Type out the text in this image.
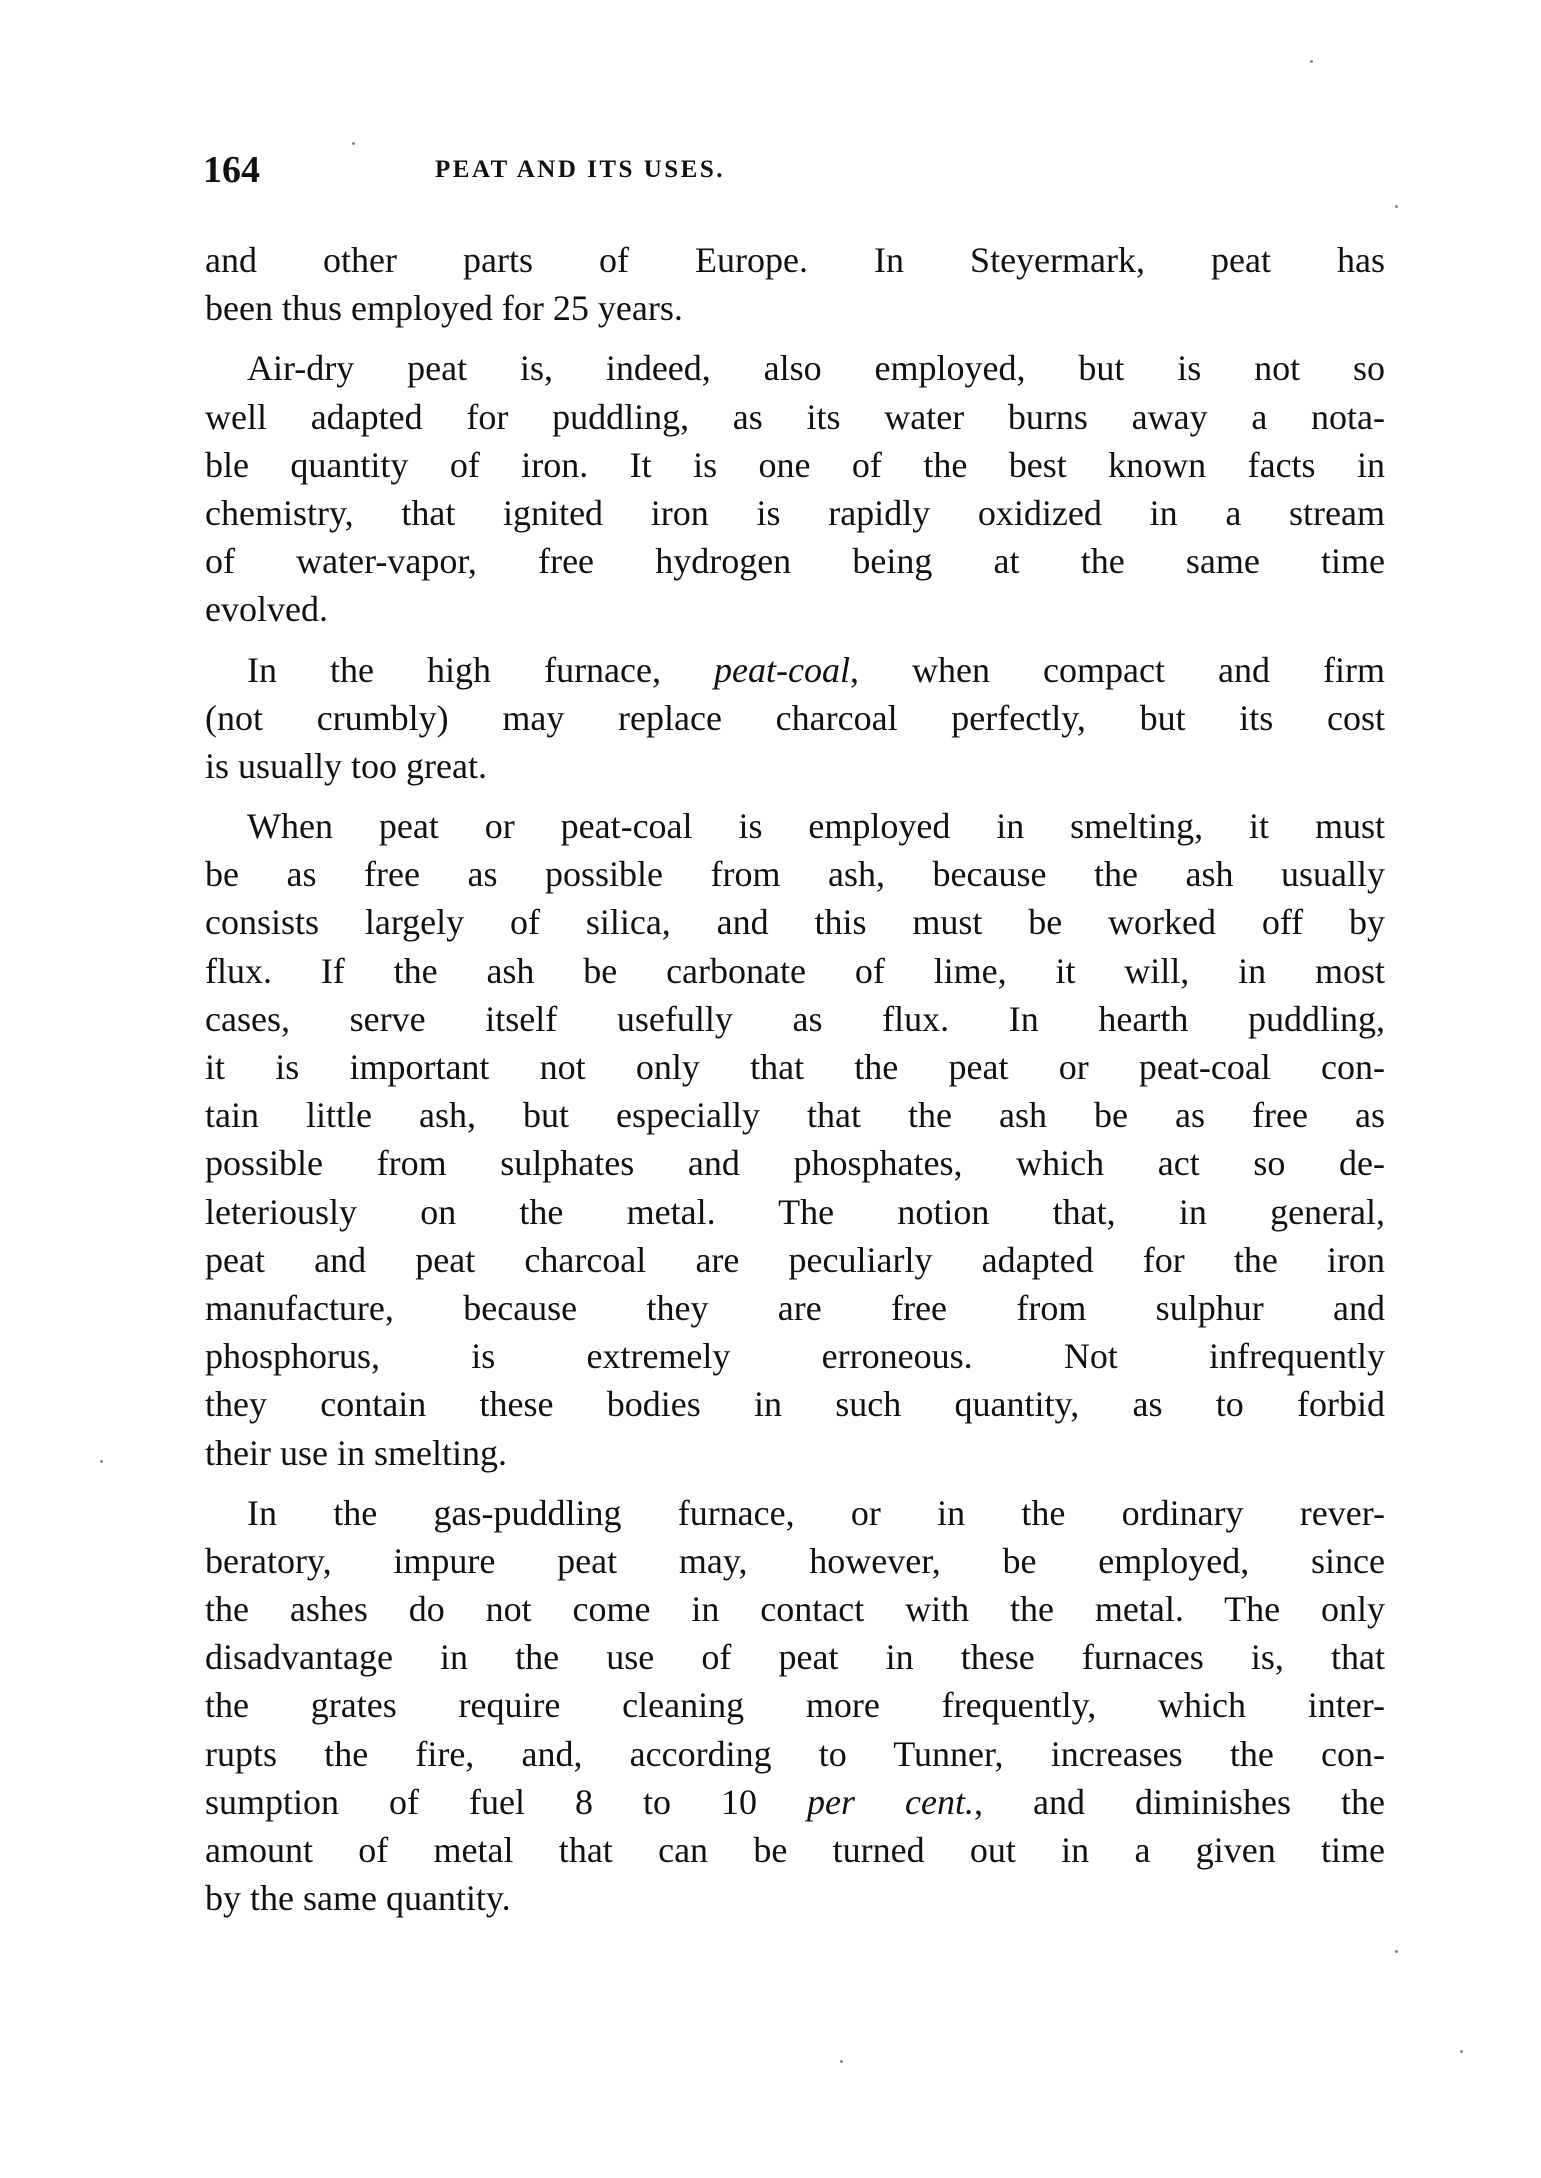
164	PEAT AND ITS USES.

and other parts of Europe. In Steyermark, peat has
been thus employed for 25 years.

Air-dry peat is, indeed, also employed, but is not so
well adapted for puddling, as its water burns away a nota-
ble quantity of iron. It is one of the best known facts in
chemistry, that ignited iron is rapidly oxidized in a stream
of water-vapor, free hydrogen being at the same time
evolved.

In the high furnace, peat-coal, when compact and firm
(not crumbly) may replace charcoal perfectly, but its cost
is usually too great.

When peat or peat-coal is employed in smelting, it must
be as free as possible from ash, because the ash usually
consists largely of silica, and this must be worked off by
flux. If the ash be carbonate of lime, it will, in most
cases, serve itself usefully as flux. In hearth puddling,
it is important not only that the peat or peat-coal con-
tain little ash, but especially that the ash be as free as
possible from sulphates and phosphates, which act so de-
leteriously on the metal. The notion that, in general,
peat and peat charcoal are peculiarly adapted for the iron
manufacture, because they are free from sulphur and
phosphorus, is extremely erroneous. Not infrequently
they contain these bodies in such quantity, as to forbid
their use in smelting.

In the gas-puddling furnace, or in the ordinary rever-
beratory, impure peat may, however, be employed, since
the ashes do not come in contact with the metal. The only
disadvantage in the use of peat in these furnaces is, that
the grates require cleaning more frequently, which inter-
rupts the fire, and, according to Tunner, increases the con-
sumption of fuel 8 to 10 per cent., and diminishes the
amount of metal that can be turned out in a given time
by the same quantity.
